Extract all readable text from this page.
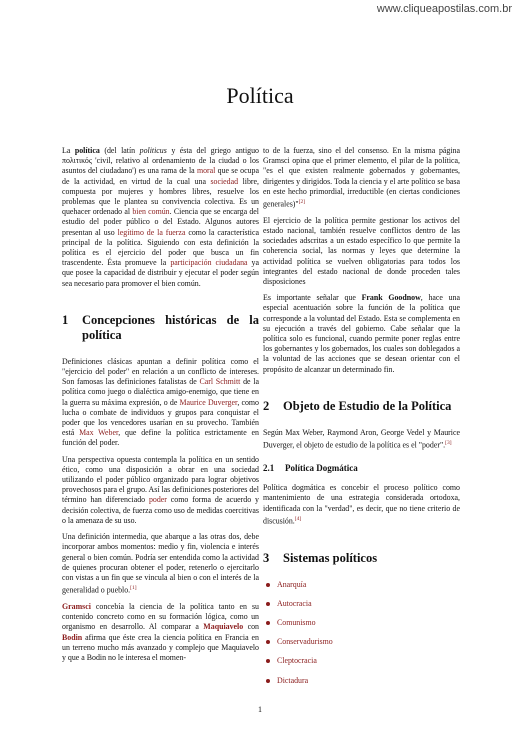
www.cliqueapostilas.com.br
Política

La política (del latín politicus y ésta del griego antiguo πολιτικός 'civil, relativo al ordenamiento de la ciudad o los asuntos del ciudadano') es una rama de la moral que se ocupa de la actividad, en virtud de la cual una sociedad libre, compuesta por mujeres y hombres libres, resuelve los problemas que le plantea su convivencia colectiva. Es un quehacer ordenado al bien común. Ciencia que se encarga del estudio del poder público o del Estado. Algunos autores presentan al uso legítimo de la fuerza como la característica principal de la política. Siguiendo con esta definición la política es el ejercicio del poder que busca un fin trascendente. Ésta promueve la participación ciudadana ya que posee la capacidad de distribuir y ejecutar el poder según sea necesario para promover el bien común.

1	Concepciones históricas de la política

Definiciones clásicas apuntan a definir política como el "ejercicio del poder" en relación a un conflicto de intereses. Son famosas las definiciones fatalistas de Carl Schmitt de la política como juego o dialéctica amigo-enemigo, que tiene en la guerra su máxima expresión, o de Maurice Duverger, como lucha o combate de individuos y grupos para conquistar el poder que los vencedores usarían en su provecho. También está Max Weber, que define la política estrictamente en función del poder.

Una perspectiva opuesta contempla la política en un sentido ético, como una disposición a obrar en una sociedad utilizando el poder público organizado para lograr objetivos provechosos para el grupo. Así las definiciones posteriores del término han diferenciado poder como forma de acuerdo y decisión colectiva, de fuerza como uso de medidas coercitivas o la amenaza de su uso.

Una definición intermedia, que abarque a las otras dos, debe incorporar ambos momentos: medio y fin, violencia e interés general o bien común. Podría ser entendida como la actividad de quienes procuran obtener el poder, retenerlo o ejercitarlo con vistas a un fin que se vincula al bien o con el interés de la generalidad o pueblo.[1]

Gramsci concebía la ciencia de la política tanto en su contenido concreto como en su formación lógica, como un organismo en desarrollo. Al comparar a Maquiavelo con Bodin afirma que éste crea la ciencia política en Francia en un terreno mucho más avanzado y complejo que Maquiavelo y que a Bodin no le interesa el momen-

to de la fuerza, sino el del consenso. En la misma página Gramsci opina que el primer elemento, el pilar de la política, "es el que existen realmente gobernados y gobernantes, dirigentes y dirigidos. Toda la ciencia y el arte político se basa en este hecho primordial, irreductible (en ciertas condiciones generales)"[2]

El ejercicio de la política permite gestionar los activos del estado nacional, también resuelve conflictos dentro de las sociedades adscritas a un estado específico lo que permite la coherencia social, las normas y leyes que determine la actividad política se vuelven obligatorias para todos los integrantes del estado nacional de donde proceden tales disposiciones

Es importante señalar que Frank Goodnow, hace una especial acentuación sobre la función de la política que corresponde a la voluntad del Estado. Esta se complementa en su ejecución a través del gobierno. Cabe señalar que la política solo es funcional, cuando permite poner reglas entre los gobernantes y los gobernados, los cuales son doblegados a la voluntad de las acciones que se desean orientar con el propósito de alcanzar un determinado fin.

2	Objeto de Estudio de la Política

Según Max Weber, Raymond Aron, George Vedel y Maurice Duverger, el objeto de estudio de la política es el "poder".[3]

2.1	Política Dogmática

Política dogmática es concebir el proceso político como mantenimiento de una estrategia considerada ortodoxa, identificada con la "verdad", es decir, que no tiene criterio de discusión.[4]

3	Sistemas políticos
Anarquía
Autocracia
Comunismo
Conservadurismo
Cleptocracia
Dictadura
1
